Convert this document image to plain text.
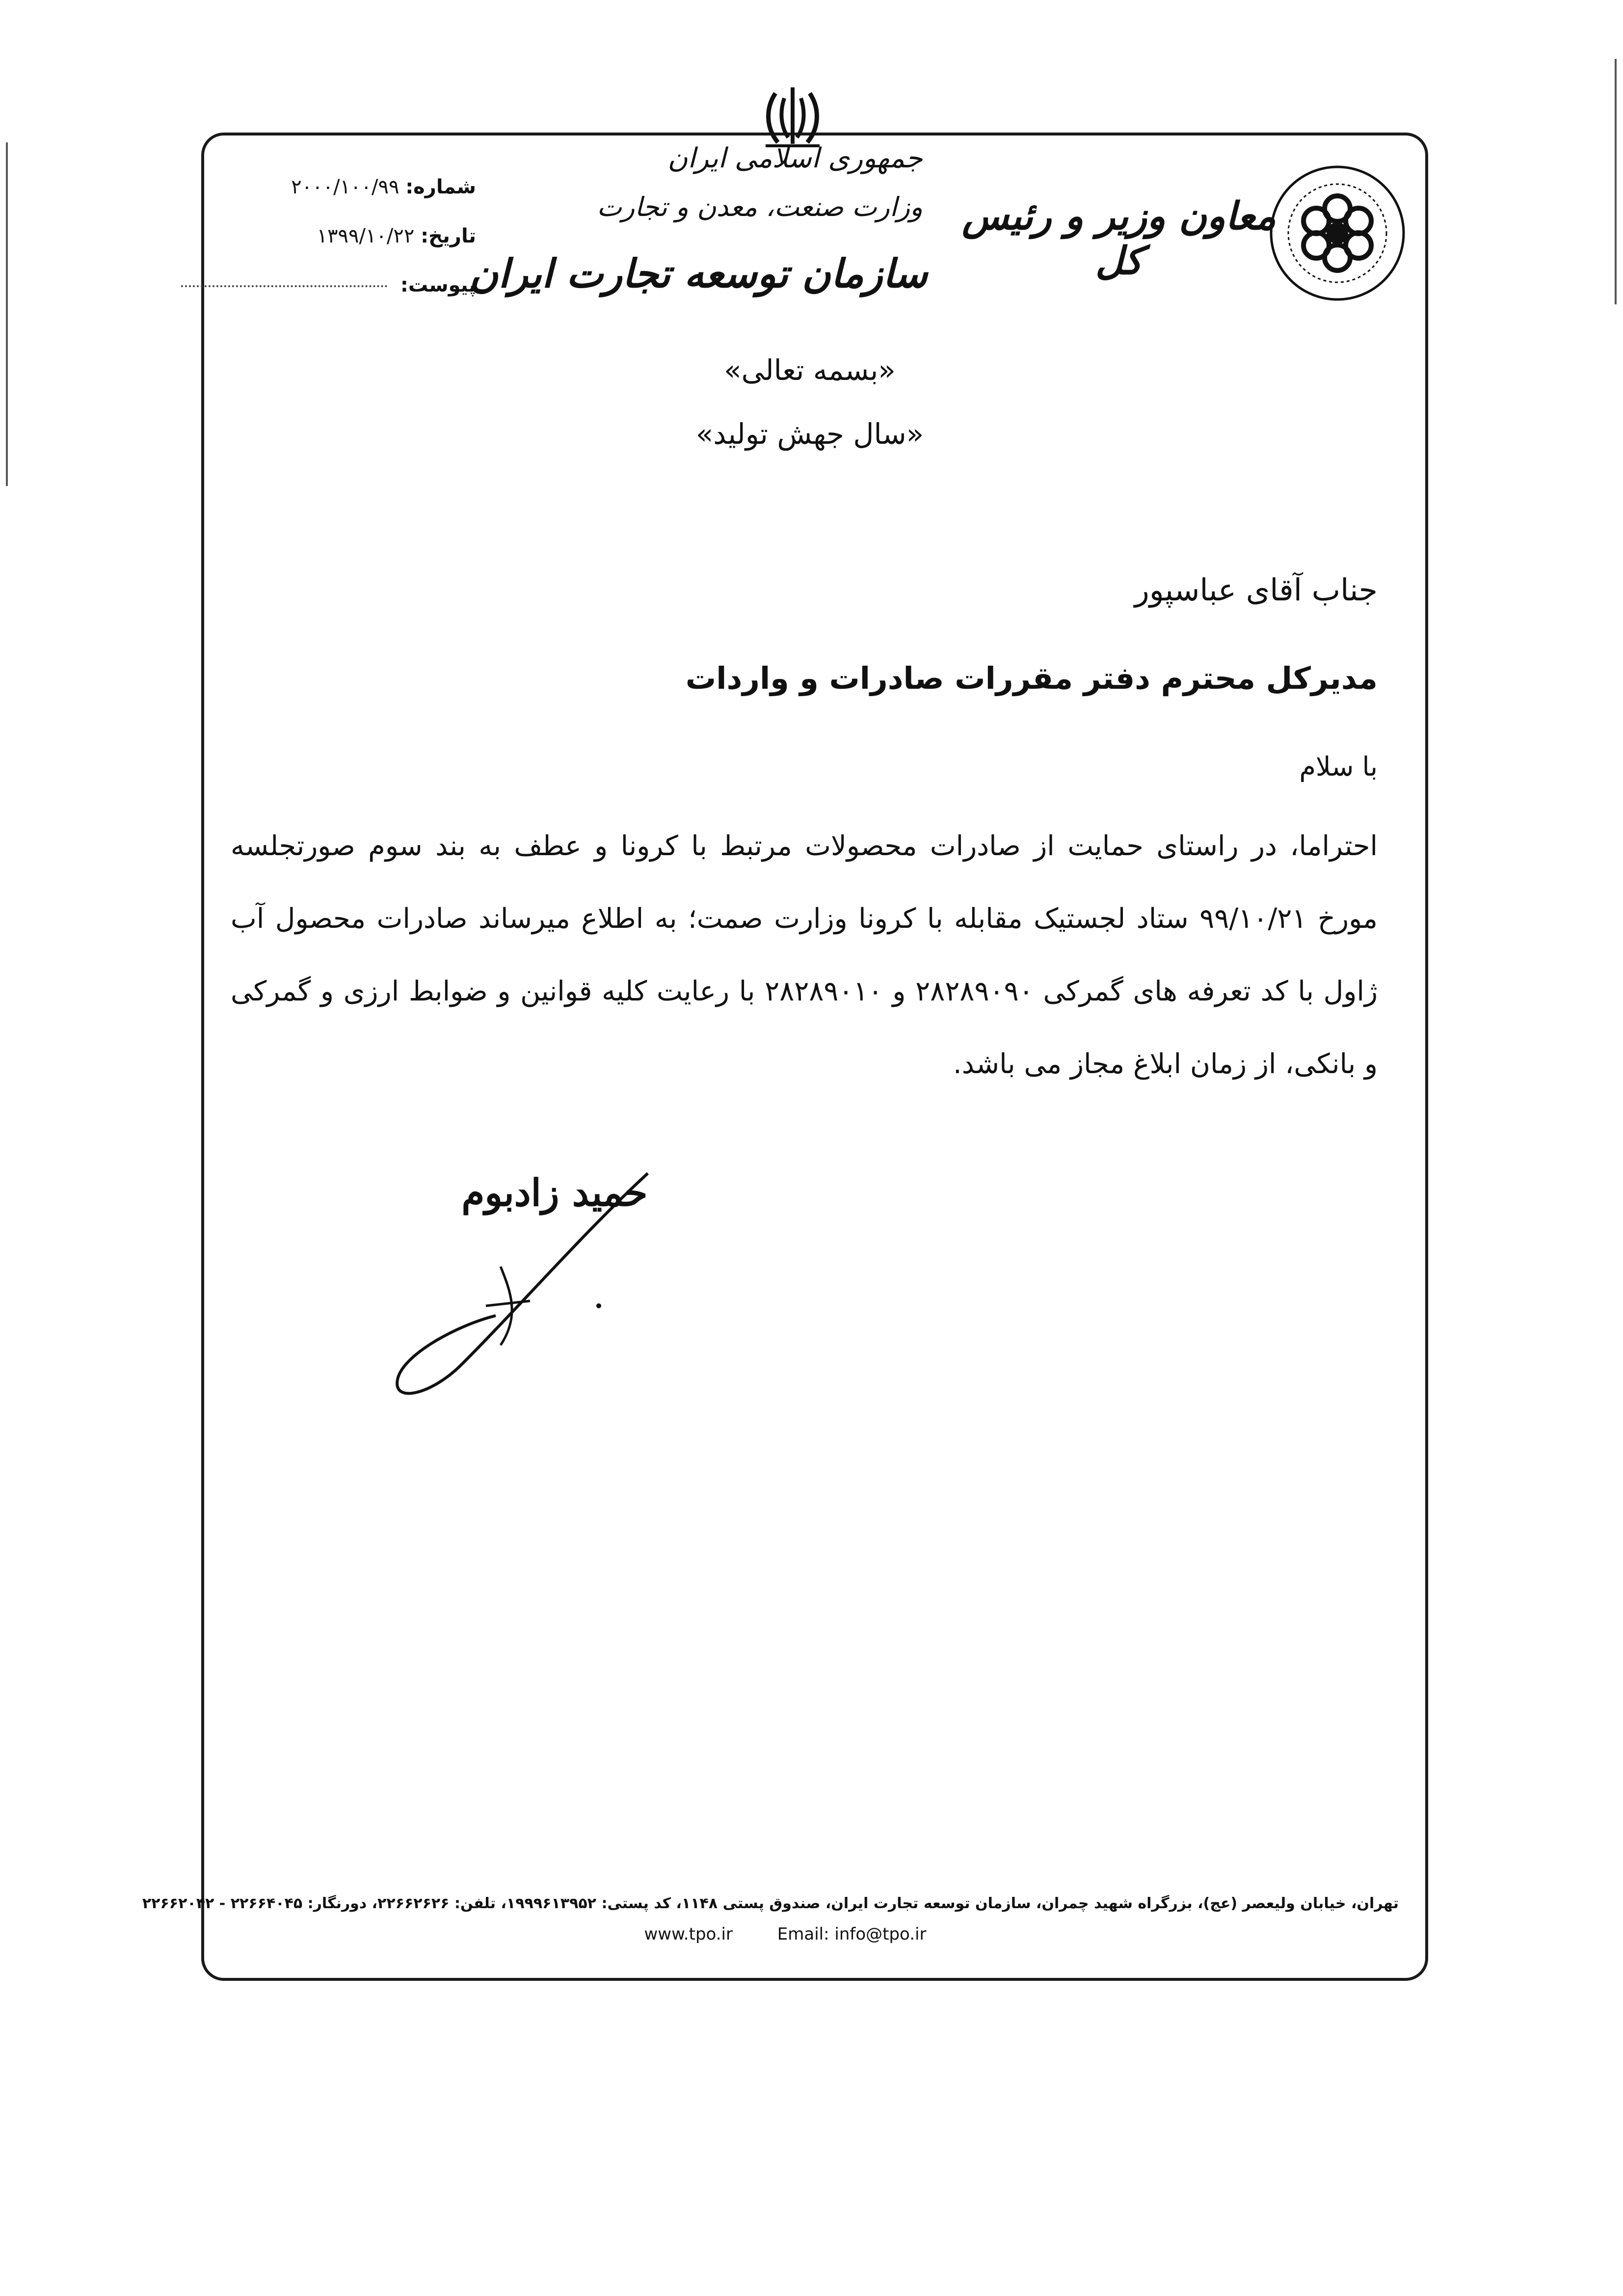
جمهوری اسلامی ایران
وزارت صنعت، معدن و تجارت
سازمان توسعه تجارت ایران
معاون وزیر و رئیس کل
شماره: ۲۰۰۰/۱۰۰/۹۹
تاریخ: ۱۳۹۹/۱۰/۲۲
پیوست:
«بسمه تعالی»
«سال جهش تولید»
جناب آقای عباسپور
مدیرکل محترم دفتر مقررات صادرات و واردات
با سلام
احتراما، در راستای حمایت از صادرات محصولات مرتبط با کرونا و عطف به بند سوم صورتجلسه مورخ ۹۹/۱۰/۲۱ ستاد لجستیک مقابله با کرونا وزارت صمت؛ به اطلاع میرساند صادرات محصول آب ژاول با کد تعرفه های گمرکی ۲۸۲۸۹۰۹۰ و ۲۸۲۸۹۰۱۰ با رعایت کلیه قوانین و ضوابط ارزی و گمرکی و بانکی، از زمان ابلاغ مجاز می باشد.
حمید زادبوم
تهران، خیابان ولیعصر (عج)، بزرگراه شهید چمران، سازمان توسعه تجارت ایران، صندوق پستی ۱۱۴۸، کد پستی: ۱۹۹۹۶۱۳۹۵۲، تلفن: ۲۲۶۶۲۶۲۶، دورنگار: ۲۲۶۶۴۰۴۵ - ۲۲۶۶۲۰۴۲
www.tpo.ir	Email: info@tpo.ir
